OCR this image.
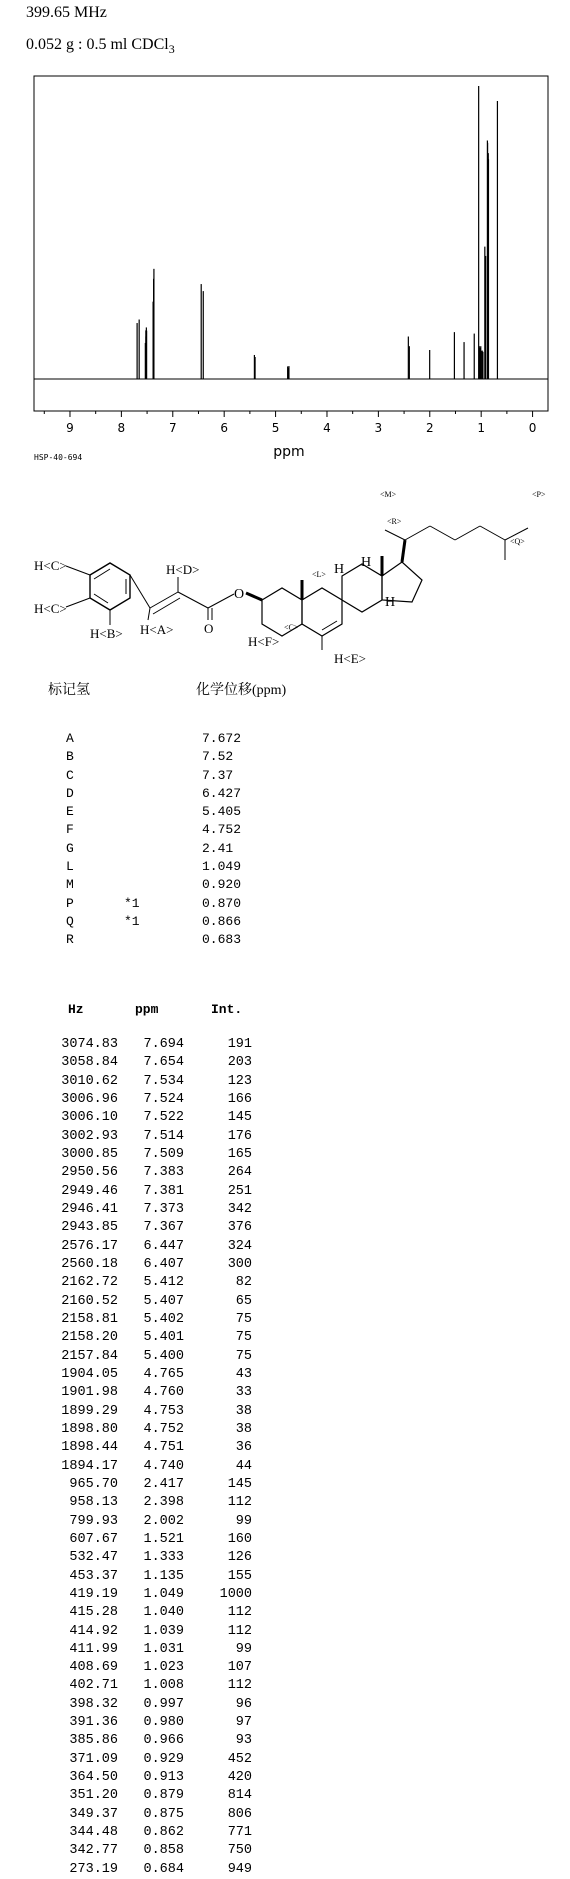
399.65 MHz
0.052 g : 0.5 ml CDCl$_3$
9	8	7	6	5	4	3	2	1	0
ppm
HSP-40-694
H<C>
H<C>
H<B> H<A>
H<D>
O
O
H<F>
<C>
H<E>
<L>
<M>	<P>
<Q>
<R>
H
H
H
标记氢	化学位移(ppm)
A	7.672
B	7.52
C	7.37
D	6.427
E	5.405
F	4.752
G	2.41
L	1.049
M	0.920
P	*1	0.870
Q	*1	0.866
R	0.683
Hz	ppm	Int.
3074.83	7.694	191
3058.84	7.654	203
3010.62	7.534	123
3006.96	7.524	166
3006.10	7.522	145
3002.93	7.514	176
3000.85	7.509	165
2950.56	7.383	264
2949.46	7.381	251
2946.41	7.373	342
2943.85	7.367	376
2576.17	6.447	324
2560.18	6.407	300
2162.72	5.412	82
2160.52	5.407	65
2158.81	5.402	75
2158.20	5.401	75
2157.84	5.400	75
1904.05	4.765	43
1901.98	4.760	33
1899.29	4.753	38
1898.80	4.752	38
1898.44	4.751	36
1894.17	4.740	44
965.70	2.417	145
958.13	2.398	112
799.93	2.002	99
607.67	1.521	160
532.47	1.333	126
453.37	1.135	155
419.19	1.049	1000
415.28	1.040	112
414.92	1.039	112
411.99	1.031	99
408.69	1.023	107
402.71	1.008	112
398.32	0.997	96
391.36	0.980	97
385.86	0.966	93
371.09	0.929	452
364.50	0.913	420
351.20	0.879	814
349.37	0.875	806
344.48	0.862	771
342.77	0.858	750
273.19	0.684	949
